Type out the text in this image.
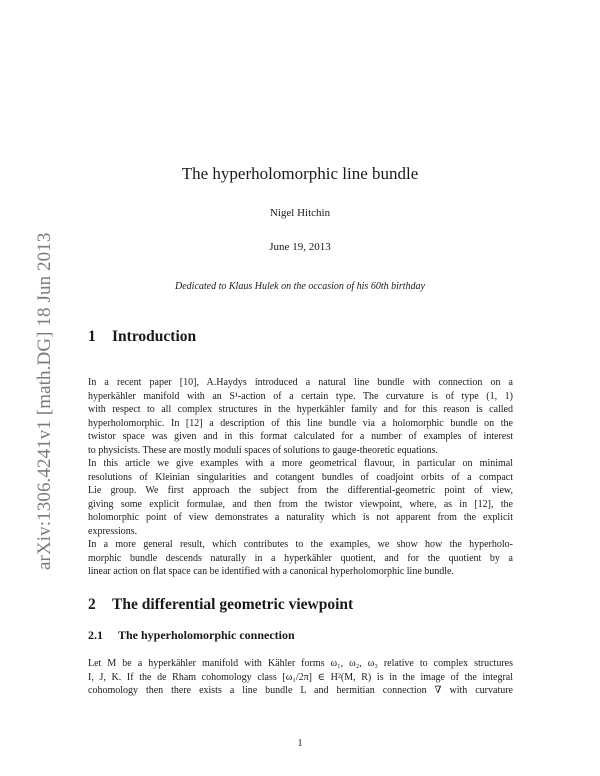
arXiv:1306.4241v1 [math.DG] 18 Jun 2013
The hyperholomorphic line bundle
Nigel Hitchin
June 19, 2013
Dedicated to Klaus Hulek on the occasion of his 60th birthday
1 Introduction
In a recent paper [10], A.Haydys introduced a natural line bundle with connection on a
hyperkähler manifold with an S¹-action of a certain type. The curvature is of type (1, 1)
with respect to all complex structures in the hyperkähler family and for this reason is called
hyperholomorphic. In [12] a description of this line bundle via a holomorphic bundle on the
twistor space was given and in this format calculated for a number of examples of interest
to physicists. These are mostly moduli spaces of solutions to gauge-theoretic equations.
In this article we give examples with a more geometrical flavour, in particular on minimal
resolutions of Kleinian singularities and cotangent bundles of coadjoint orbits of a compact
Lie group. We first approach the subject from the differential-geometric point of view,
giving some explicit formulae, and then from the twistor viewpoint, where, as in [12], the
holomorphic point of view demonstrates a naturality which is not apparent from the explicit
expressions.
In a more general result, which contributes to the examples, we show how the hyperholo-
morphic bundle descends naturally in a hyperkähler quotient, and for the quotient by a
linear action on flat space can be identified with a canonical hyperholomorphic line bundle.
2 The differential geometric viewpoint
2.1 The hyperholomorphic connection
Let M be a hyperkähler manifold with Kähler forms ω₁, ω₂, ω₃ relative to complex structures
I, J, K. If the de Rham cohomology class [ω₁/2π] ∈ H²(M, R) is in the image of the integral
cohomology then there exists a line bundle L and hermitian connection ∇ with curvature
1
